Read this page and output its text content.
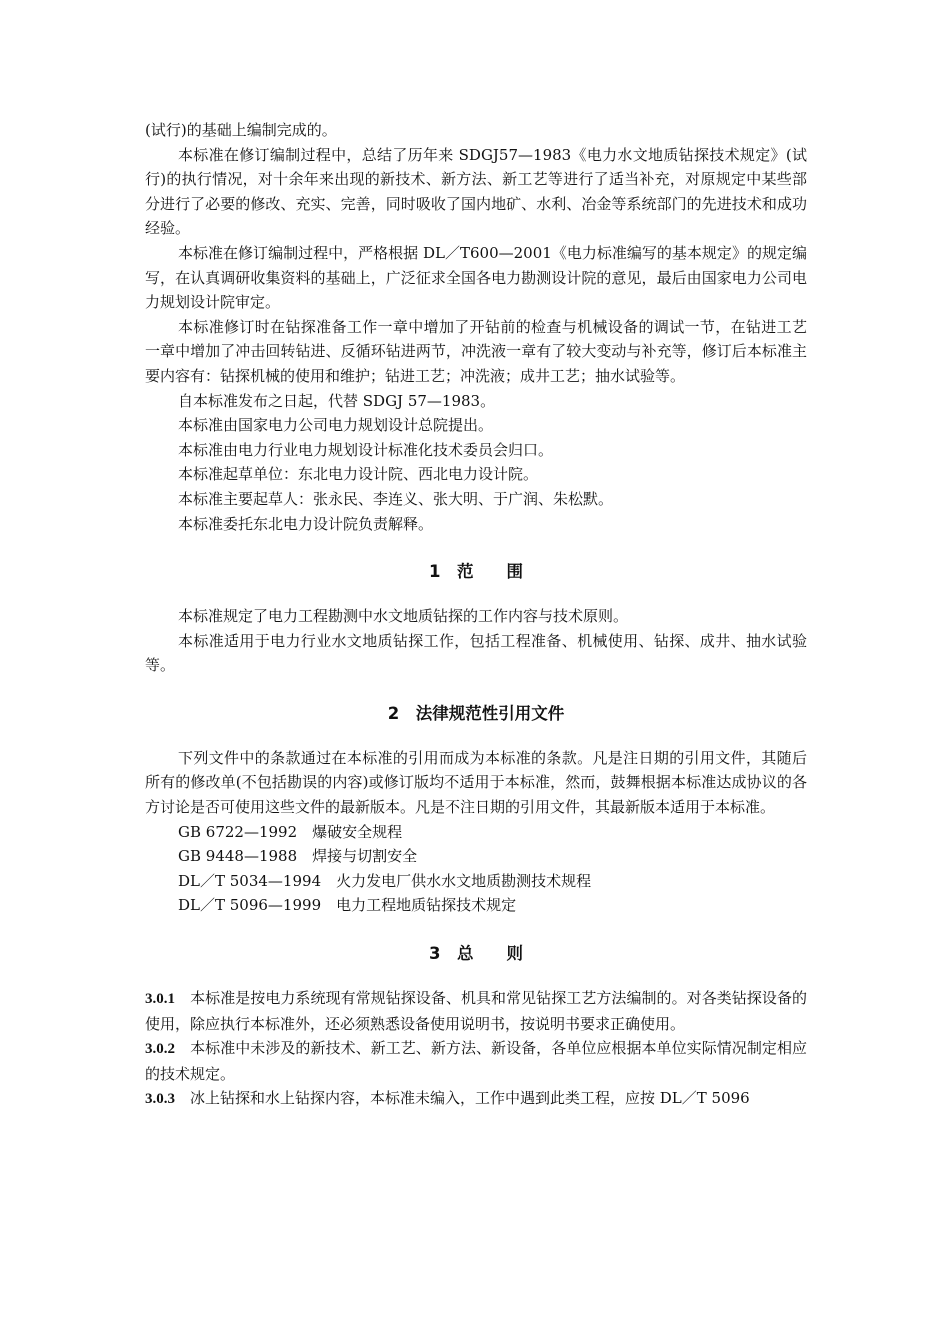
(试行)的基础上编制完成的。

本标准在修订编制过程中，总结了历年来 SDGJ57—1983《电力水文地质钻探技术规定》(试行)的执行情况，对十余年来出现的新技术、新方法、新工艺等进行了适当补充，对原规定中某些部分进行了必要的修改、充实、完善，同时吸收了国内地矿、水利、冶金等系统部门的先进技术和成功经验。

本标准在修订编制过程中，严格根据 DL／T600—2001《电力标准编写的基本规定》的规定编写，在认真调研收集资料的基础上，广泛征求全国各电力勘测设计院的意见，最后由国家电力公司电力规划设计院审定。

本标准修订时在钻探准备工作一章中增加了开钻前的检查与机械设备的调试一节，在钻进工艺一章中增加了冲击回转钻进、反循环钻进两节，冲洗液一章有了较大变动与补充等，修订后本标准主要内容有：钻探机械的使用和维护；钻进工艺；冲洗液；成井工艺；抽水试验等。

自本标准发布之日起，代替 SDGJ 57—1983。

本标准由国家电力公司电力规划设计总院提出。

本标准由电力行业电力规划设计标准化技术委员会归口。

本标准起草单位：东北电力设计院、西北电力设计院。

本标准主要起草人：张永民、李连义、张大明、于广润、朱松默。

本标准委托东北电力设计院负责解释。

1　范　　围

本标准规定了电力工程勘测中水文地质钻探的工作内容与技术原则。

本标准适用于电力行业水文地质钻探工作，包括工程准备、机械使用、钻探、成井、抽水试验等。

2　法律规范性引用文件

下列文件中的条款通过在本标准的引用而成为本标准的条款。凡是注日期的引用文件，其随后所有的修改单(不包括勘误的内容)或修订版均不适用于本标准，然而，鼓舞根据本标准达成协议的各方讨论是否可使用这些文件的最新版本。凡是不注日期的引用文件，其最新版本适用于本标准。

GB 6722—1992　爆破安全规程

GB 9448—1988　焊接与切割安全

DL／T 5034—1994　火力发电厂供水水文地质勘测技术规程

DL／T 5096—1999　电力工程地质钻探技术规定

3　总　　则

3.0.1　本标准是按电力系统现有常规钻探设备、机具和常见钻探工艺方法编制的。对各类钻探设备的使用，除应执行本标准外，还必须熟悉设备使用说明书，按说明书要求正确使用。

3.0.2　本标准中未涉及的新技术、新工艺、新方法、新设备，各单位应根据本单位实际情况制定相应的技术规定。

3.0.3　冰上钻探和水上钻探内容，本标准未编入，工作中遇到此类工程，应按 DL／T 5096
